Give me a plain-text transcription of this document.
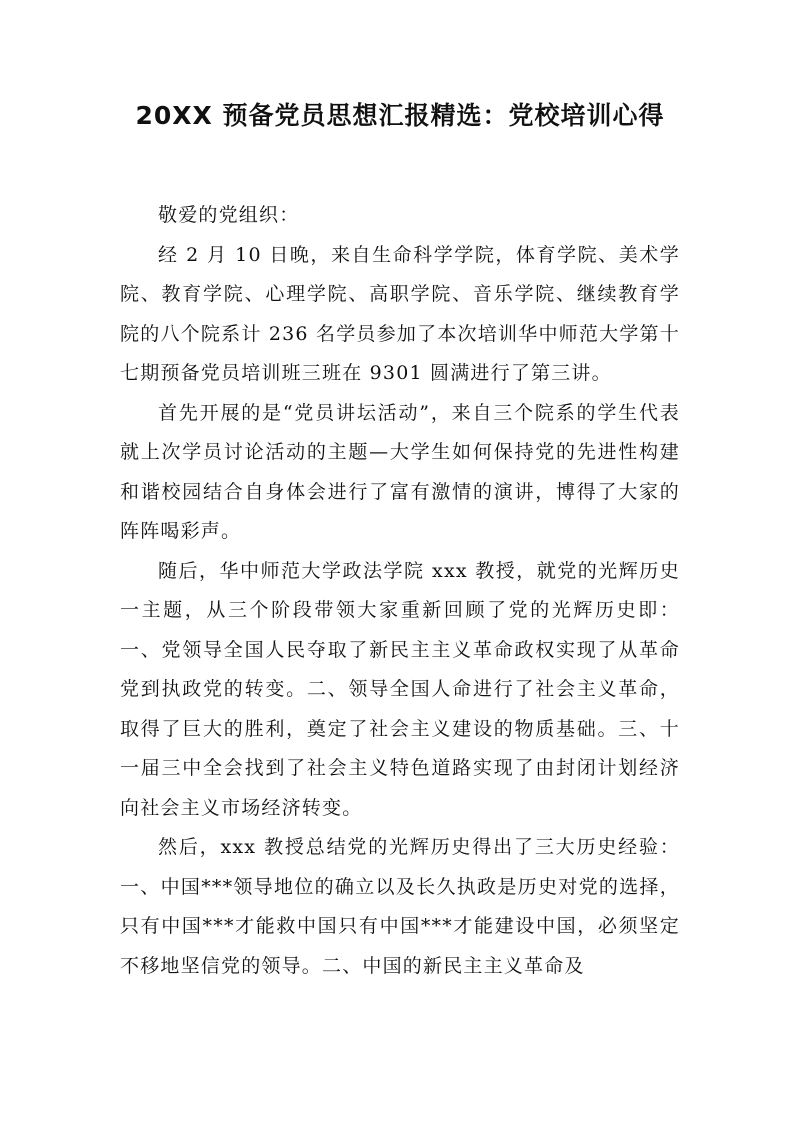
20XX 预备党员思想汇报精选：党校培训心得

敬爱的党组织：

经 2 月 10 日晚，来自生命科学学院，体育学院、美术学院、教育学院、心理学院、高职学院、音乐学院、继续教育学院的八个院系计 236 名学员参加了本次培训华中师范大学第十七期预备党员培训班三班在 9301 圆满进行了第三讲。

首先开展的是“党员讲坛活动”，来自三个院系的学生代表就上次学员讨论活动的主题—大学生如何保持党的先进性构建和谐校园结合自身体会进行了富有激情的演讲，博得了大家的阵阵喝彩声。

随后，华中师范大学政法学院 xxx 教授，就党的光辉历史一主题，从三个阶段带领大家重新回顾了党的光辉历史即：一、党领导全国人民夺取了新民主主义革命政权实现了从革命党到执政党的转变。二、领导全国人命进行了社会主义革命，取得了巨大的胜利，奠定了社会主义建设的物质基础。三、十一届三中全会找到了社会主义特色道路实现了由封闭计划经济向社会主义市场经济转变。

然后，xxx 教授总结党的光辉历史得出了三大历史经验：一、中国***领导地位的确立以及长久执政是历史对党的选择，只有中国***才能救中国只有中国***才能建设中国，必须坚定不移地坚信党的领导。二、中国的新民主主义革命及
